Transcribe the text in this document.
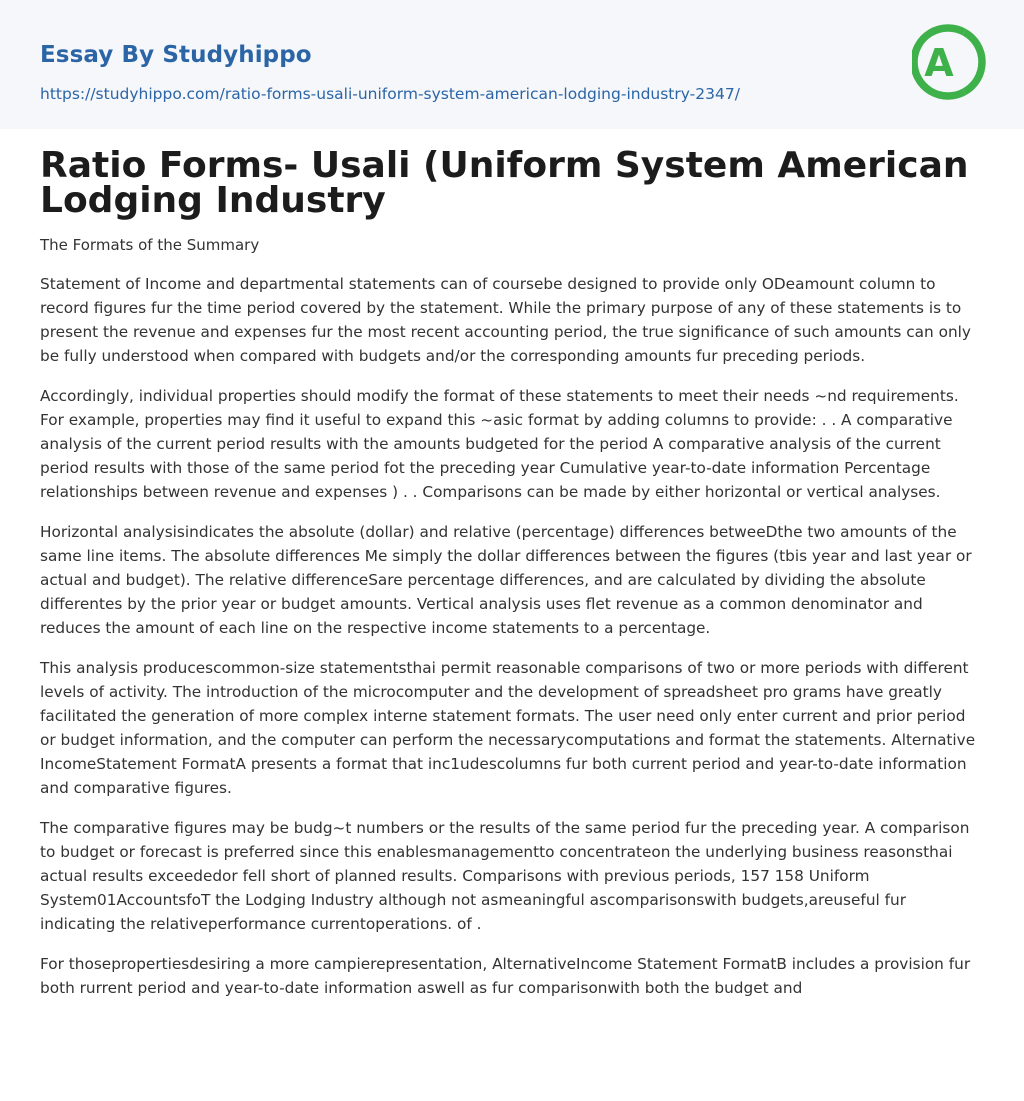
Essay By Studyhippo
https://studyhippo.com/ratio-forms-usali-uniform-system-american-lodging-industry-2347/
A
Ratio Forms- Usali (Uniform System American Lodging Industry
The Formats of the Summary

Statement of Income and departmental statements can of coursebe designed to provide only ODeamount column to record figures fur the time period covered by the statement. While the primary purpose of any of these statements is to present the revenue and expenses fur the most recent accounting period, the true significance of such amounts can only be fully understood when compared with budgets and/or the corresponding amounts fur preceding periods.

Accordingly, individual properties should modify the format of these statements to meet their needs ~nd requirements. For example, properties may find it useful to expand this ~asic format by adding columns to provide: . . A comparative analysis of the current period results with the amounts budgeted for the period A comparative analysis of the current period results with those of the same period fot the preceding year Cumulative year-to-date information Percentage relationships between revenue and expenses ) . . Comparisons can be made by either horizontal or vertical analyses.

Horizontal analysisindicates the absolute (dollar) and relative (percentage) differences betweeDthe two amounts of the same line items. The absolute differences Me simply the dollar differences between the figures (tbis year and last year or actual and budget). The relative differenceSare percentage differences, and are calculated by dividing the absolute differentes by the prior year or budget amounts. Vertical analysis uses flet revenue as a common denominator and reduces the amount of each line on the respective income statements to a percentage.

This analysis producescommon-size statementsthai permit reasonable comparisons of two or more periods with different levels of activity. The introduction of the microcomputer and the development of spreadsheet pro grams have greatly facilitated the generation of more complex interne statement formats. The user need only enter current and prior period or budget information, and the computer can perform the necessarycomputations and format the statements. Alternative IncomeStatement FormatA presents a format that inc1udescolumns fur both current period and year-to-date information and comparative figures.

The comparative figures may be budg~t numbers or the results of the same period fur the preceding year. A comparison to budget or forecast is preferred since this enablesmanagementto concentrateon the underlying business reasonsthai actual results exceededor fell short of planned results. Comparisons with previous periods, 157 158 Uniform System01AccountsfoT the Lodging Industry although not asmeaningful ascomparisonswith budgets,areuseful fur indicating the relativeperformance currentoperations. of .

For thosepropertiesdesiring a more campierepresentation, AlternativeIncome Statement FormatB includes a provision fur both rurrent period and year-to-date information aswell as fur comparisonwith both the budget and
